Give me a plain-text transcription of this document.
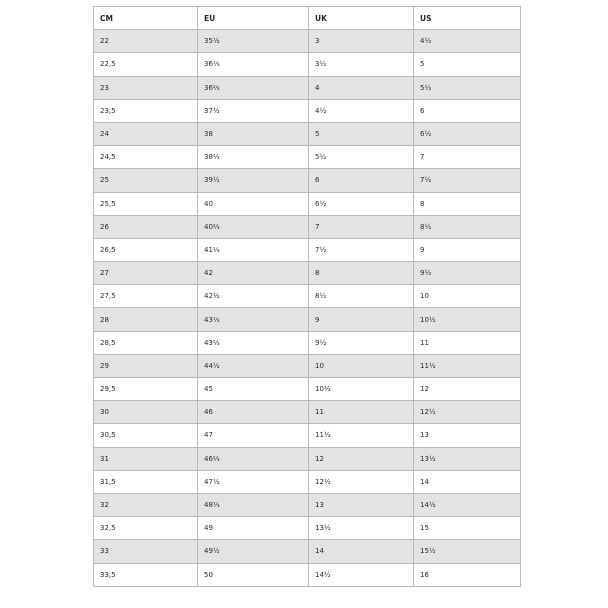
CM	EU	UK	US
22	35½	3	4½
22,5	36⅓	3½	5
23	36⅔	4	5½
23,5	37½	4½	6
24	38	5	6½
24,5	38⅔	5½	7
25	39½	6	7½
25,5	40	6½	8
26	40⅔	7	8½
26,5	41⅓	7½	9
27	42	8	9½
27,5	42½	8½	10
28	43⅓	9	10½
28,5	43⅔	9½	11
29	44½	10	11½
29,5	45	10½	12
30	46	11	12½
30,5	47	11½	13
31	46⅔	12	13½
31,5	47½	12½	14
32	48⅓	13	14½
32,5	49	13½	15
33	49½	14	15½
33,5	50	14½	16
